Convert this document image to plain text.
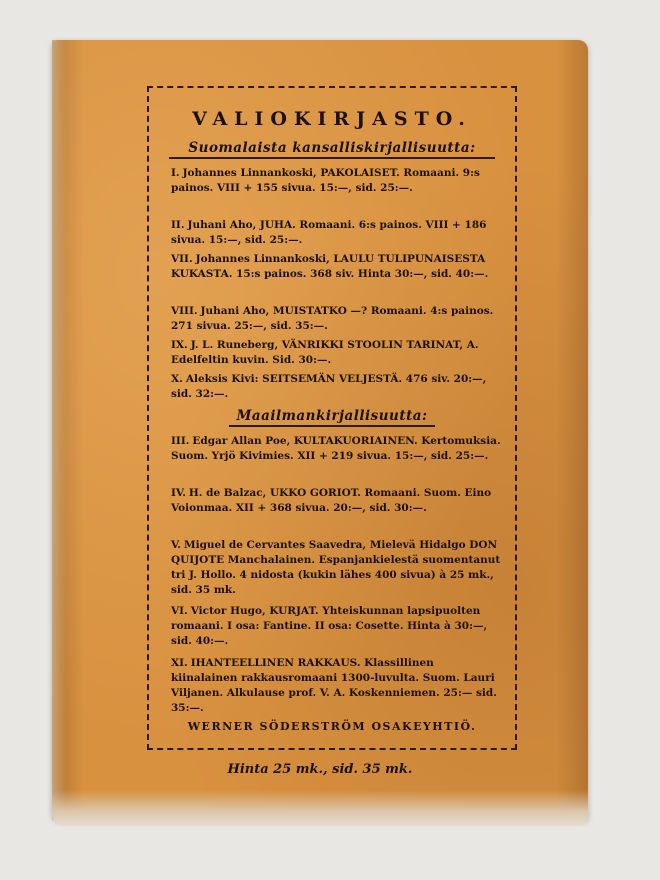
VALIOKIRJASTO.
Suomalaista kansalliskirjallisuutta:
I. Johannes Linnankoski, PAKOLAISET. Romaani. 9:s painos. VIII + 155 sivua. 15:—, sid. 25:—.
II. Juhani Aho, JUHA. Romaani. 6:s painos. VIII + 186 sivua. 15:—, sid. 25:—.
VII. Johannes Linnankoski, LAULU TULIPUNAISESTA KUKASTA. 15:s painos. 368 siv. Hinta 30:—, sid. 40:—.
VIII. Juhani Aho, MUISTATKO —? Romaani. 4:s painos. 271 sivua. 25:—, sid. 35:—.
IX. J. L. Runeberg, VÄNRIKKI STOOLIN TARINAT, A. Edelfeltin kuvin. Sid. 30:—.
X. Aleksis Kivi: SEITSEMÄN VELJESTÄ. 476 siv. 20:—, sid. 32:—.
Maailmankirjallisuutta:
III. Edgar Allan Poe, KULTAKUORIAINEN. Kertomuksia. Suom. Yrjö Kivimies. XII + 219 sivua. 15:—, sid. 25:—.
IV. H. de Balzac, UKKO GORIOT. Romaani. Suom. Eino Voionmaa. XII + 368 sivua. 20:—, sid. 30:—.
V. Miguel de Cervantes Saavedra, Mielevä Hidalgo DON QUIJOTE Manchalainen. Espanjankielestä suomentanut tri J. Hollo. 4 nidosta (kukin lähes 400 sivua) à 25 mk., sid. 35 mk.
VI. Victor Hugo, KURJAT. Yhteiskunnan lapsipuolten romaani. I osa: Fantine. II osa: Cosette. Hinta à 30:—, sid. 40:—.
XI. IHANTEELLINEN RAKKAUS. Klassillinen kiinalainen rakkausromaani 1300-luvulta. Suom. Lauri Viljanen. Alkulause prof. V. A. Koskenniemen. 25:— sid. 35:—.
WERNER SÖDERSTRÖM OSAKEYHTIÖ.
Hinta 25 mk., sid. 35 mk.
